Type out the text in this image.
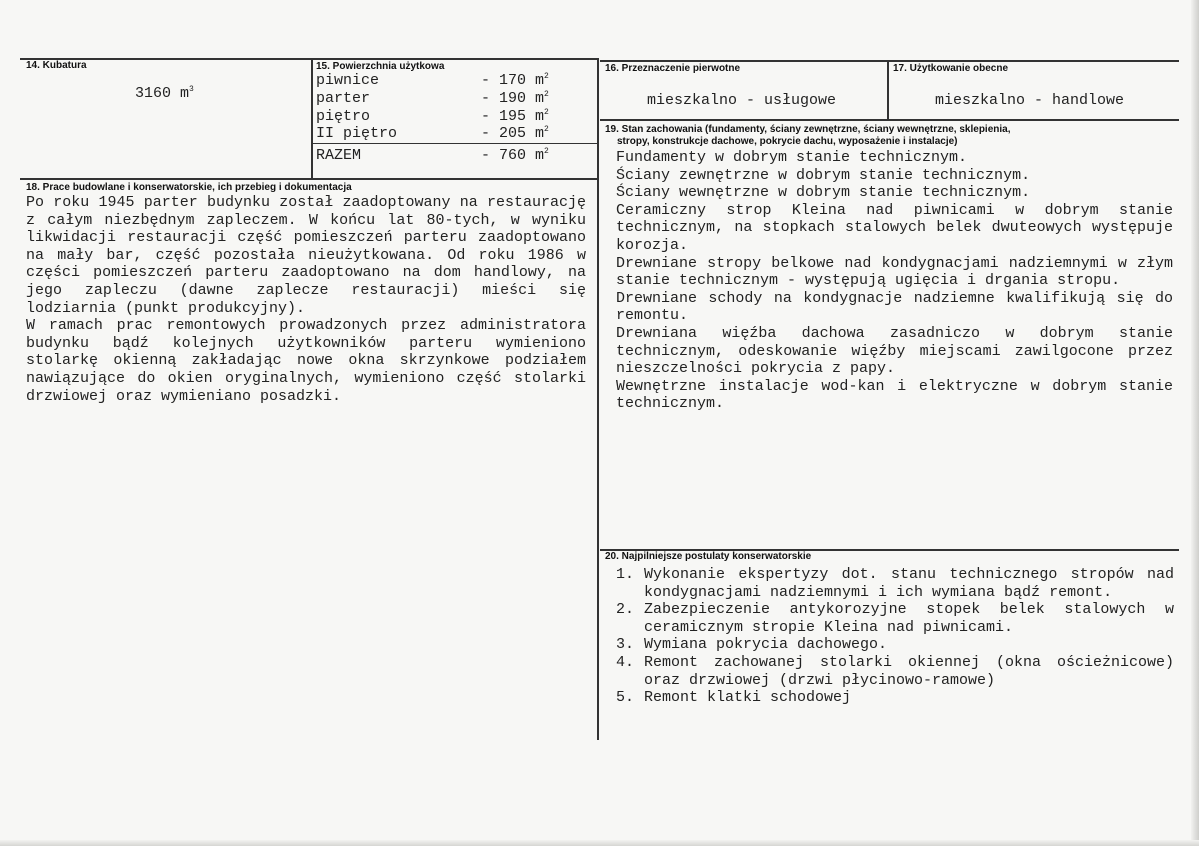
14. Kubatura
3160 $m^3$
15. Powierzchnia użytkowa
piwnice	- 170 $m^2$
parter	- 190 $m^2$
piętro	- 195 $m^2$
II piętro	- 205 $m^2$
RAZEM	- 760 $m^2$
16. Przeznaczenie pierwotne
mieszkalno - usługowe
17. Użytkowanie obecne
mieszkalno - handlowe
19. Stan zachowania (fundamenty, ściany zewnętrzne, ściany wewnętrzne, sklepienia,
stropy, konstrukcje dachowe, pokrycie dachu, wyposażenie i instalacje)

Fundamenty w dobrym stanie technicznym.

Ściany zewnętrzne w dobrym stanie technicznym.

Ściany wewnętrzne w dobrym stanie technicznym.

Ceramiczny strop Kleina nad piwnicami w dobrym stanie technicznym, na stopkach stalowych belek dwuteowych występuje korozja.

Drewniane stropy belkowe nad kondygnacjami nadziemnymi w złym stanie technicznym - występują ugięcia i drgania stropu.

Drewniane schody na kondygnacje nadziemne kwalifikują się do remontu.

Drewniana więźba dachowa zasadniczo w dobrym stanie technicznym, odeskowanie więźby miejscami zawilgocone przez nieszczelności pokrycia z papy.

Wewnętrzne instalacje wod-kan i elektryczne w dobrym stanie technicznym.

18. Prace budowlane i konserwatorskie, ich przebieg i dokumentacja

Po roku 1945 parter budynku został zaadoptowany na restaurację z całym niezbędnym zapleczem. W końcu lat 80-tych, w wyniku likwidacji restauracji część pomieszczeń parteru zaadoptowano na mały bar, część pozostała nieużytkowana. Od roku 1986 w części pomieszczeń parteru zaadoptowano na dom handlowy, na jego zapleczu (dawne zaplecze restauracji) mieści się lodziarnia (punkt produkcyjny).

W ramach prac remontowych prowadzonych przez administratora budynku bądź kolejnych użytkowników parteru wymieniono stolarkę okienną zakładając nowe okna skrzynkowe podziałem nawiązujące do okien oryginalnych, wymieniono część stolarki drzwiowej oraz wymieniano posadzki.

20. Najpilniejsze postulaty konserwatorskie
1. Wykonanie ekspertyzy dot. stanu technicznego stropów nad kondygnacjami nadziemnymi i ich wymiana bądź remont.
2. Zabezpieczenie antykorozyjne stopek belek stalowych w ceramicznym stropie Kleina nad piwnicami.
3. Wymiana pokrycia dachowego.
4. Remont zachowanej stolarki okiennej (okna ościeżnicowe) oraz drzwiowej (drzwi płycinowo-ramowe)
5. Remont klatki schodowej
